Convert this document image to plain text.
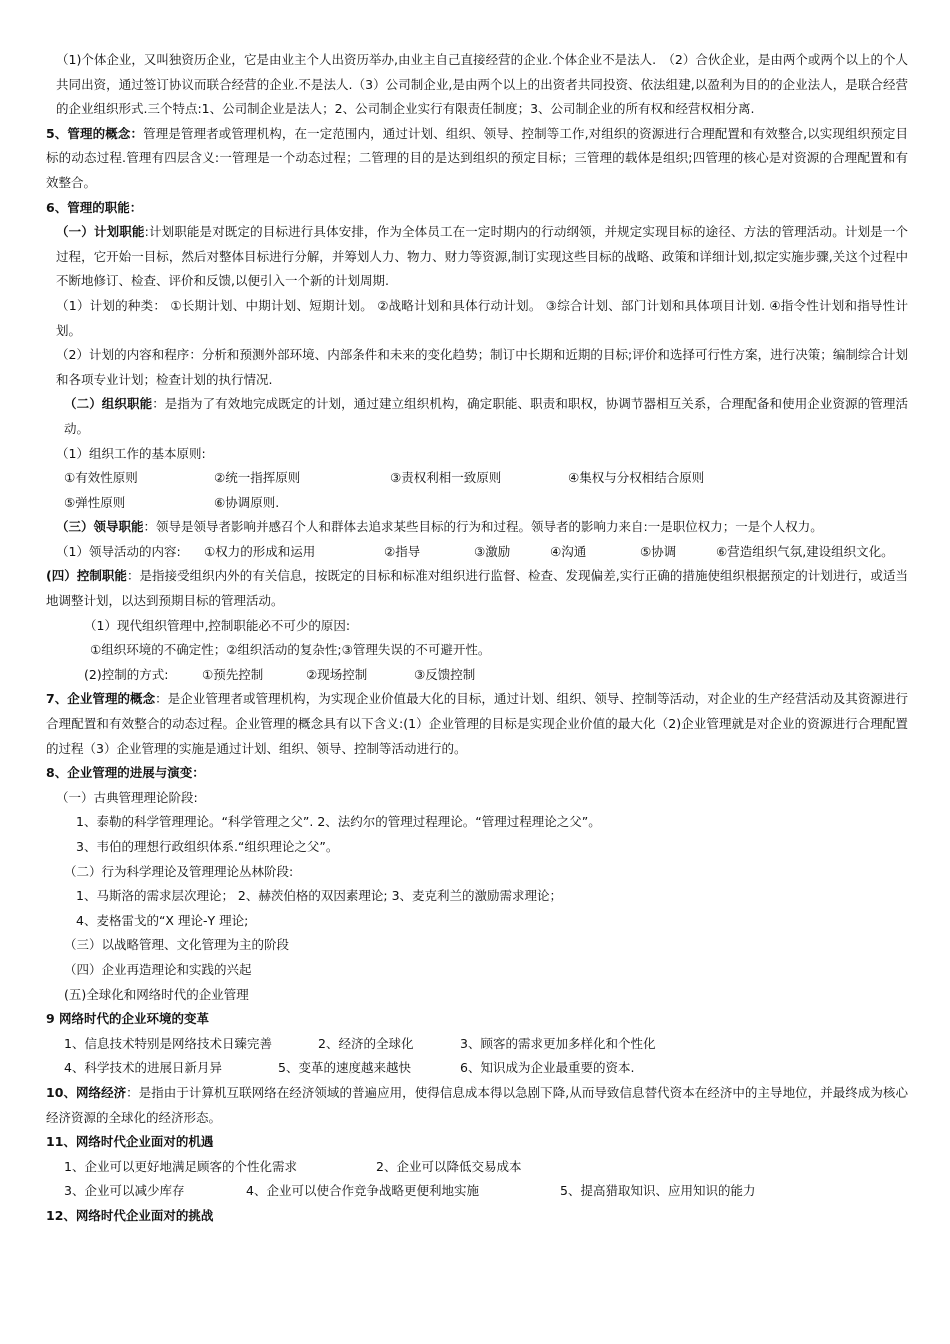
（1)个体企业，又叫独资历企业，它是由业主个人出资历举办,由业主自己直接经营的企业.个体企业不是法人.　（2）合伙企业，是由两个或两个以上的个人共同出资，通过签订协议而联合经营的企业.不是法人.（3）公司制企业,是由两个以上的出资者共同投资、依法组建,以盈利为目的的企业法人，是联合经营的企业组织形式.三个特点:1、公司制企业是法人；2、公司制企业实行有限责任制度；3、公司制企业的所有权和经营权相分离.

5、管理的概念：管理是管理者或管理机构，在一定范围内，通过计划、组织、领导、控制等工作,对组织的资源进行合理配置和有效整合,以实现组织预定目标的动态过程.管理有四层含义:一管理是一个动态过程；二管理的目的是达到组织的预定目标；三管理的载体是组织;四管理的核心是对资源的合理配置和有效整合。

6、管理的职能：

（一）计划职能:计划职能是对既定的目标进行具体安排，作为全体员工在一定时期内的行动纲领，并规定实现目标的途径、方法的管理活动。计划是一个过程，它开始一目标，然后对整体目标进行分解，并筹划人力、物力、财力等资源,制订实现这些目标的战略、政策和详细计划,拟定实施步骤,关这个过程中不断地修订、检查、评价和反馈,以便引入一个新的计划周期.

（1）计划的种类： ①长期计划、中期计划、短期计划。 ②战略计划和具体行动计划。 ③综合计划、部门计划和具体项目计划. ④指令性计划和指导性计划。

（2）计划的内容和程序：分析和预测外部环境、内部条件和未来的变化趋势；制订中长期和近期的目标;评价和选择可行性方案，进行决策；编制综合计划和各项专业计划；检查计划的执行情况.

（二）组织职能：是指为了有效地完成既定的计划，通过建立组织机构，确定职能、职责和职权，协调节器相互关系，合理配备和使用企业资源的管理活动。

（1）组织工作的基本原则:

①有效性原则	②统一指挥原则	③责权利相一致原则	④集权与分权相结合原则
⑤弹性原则	⑥协调原则.

（三）领导职能：领导是领导者影响并感召个人和群体去追求某些目标的行为和过程。领导者的影响力来自:一是职位权力；一是个人权力。

（1）领导活动的内容:	①权力的形成和运用	②指导	③激励	④沟通	⑤协调	⑥营造组织气氛,建设组织文化。

(四）控制职能：是指接受组织内外的有关信息，按既定的目标和标准对组织进行监督、检查、发现偏差,实行正确的措施使组织根据预定的计划进行，或适当地调整计划，以达到预期目标的管理活动。

（1）现代组织管理中,控制职能必不可少的原因:

①组织环境的不确定性；②组织活动的复杂性;③管理失误的不可避开性。

(2)控制的方式:	①预先控制	②现场控制	③反馈控制

7、企业管理的概念：是企业管理者或管理机构，为实现企业价值最大化的目标，通过计划、组织、领导、控制等活动，对企业的生产经营活动及其资源进行合理配置和有效整合的动态过程。企业管理的概念具有以下含义:(1）企业管理的目标是实现企业价值的最大化（2)企业管理就是对企业的资源进行合理配置的过程（3）企业管理的实施是通过计划、组织、领导、控制等活动进行的。

8、企业管理的进展与演变：

（一）古典管理理论阶段:

1、泰勒的科学管理理论。“科学管理之父”. 2、法约尔的管理过程理论。“管理过程理论之父”。

3、韦伯的理想行政组织体系.“组织理论之父”。

（二）行为科学理论及管理理论丛林阶段:

1、马斯洛的需求层次理论； 2、赫茨伯格的双因素理论; 3、麦克利兰的激励需求理论；

4、麦格雷戈的“X 理论-Y 理论;

（三）以战略管理、文化管理为主的阶段

（四）企业再造理论和实践的兴起

(五)全球化和网络时代的企业管理

9 网络时代的企业环境的变革

1、信息技术特别是网络技术日臻完善	2、经济的全球化	3、顾客的需求更加多样化和个性化
4、科学技术的进展日新月异	5、变革的速度越来越快	6、知识成为企业最重要的资本.

10、网络经济：是指由于计算机互联网络在经济领域的普遍应用，使得信息成本得以急剧下降,从而导致信息替代资本在经济中的主导地位，并最终成为核心经济资源的全球化的经济形态。

11、网络时代企业面对的机遇

1、企业可以更好地满足顾客的个性化需求	2、企业可以降低交易成本
3、企业可以减少库存	4、企业可以使合作竞争战略更便利地实施	5、提高猎取知识、应用知识的能力

12、网络时代企业面对的挑战
